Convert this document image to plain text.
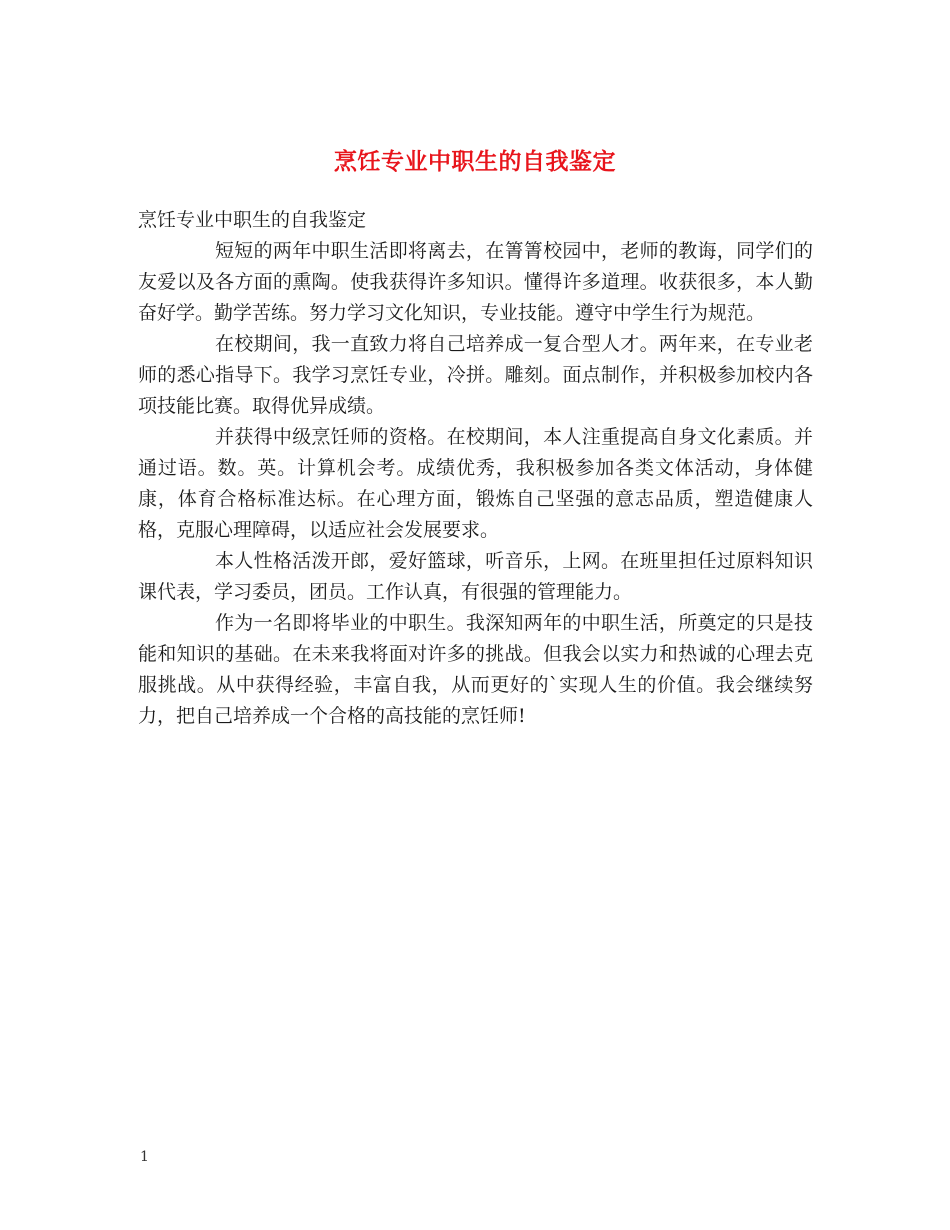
烹饪专业中职生的自我鉴定

烹饪专业中职生的自我鉴定

短短的两年中职生活即将离去，在箐箐校园中，老师的教诲，同学们的友爱以及各方面的熏陶。使我获得许多知识。懂得许多道理。收获很多，本人勤奋好学。勤学苦练。努力学习文化知识，专业技能。遵守中学生行为规范。

在校期间，我一直致力将自己培养成一复合型人才。两年来，在专业老师的悉心指导下。我学习烹饪专业，冷拼。雕刻。面点制作，并积极参加校内各项技能比赛。取得优异成绩。

并获得中级烹饪师的资格。在校期间，本人注重提高自身文化素质。并通过语。数。英。计算机会考。成绩优秀，我积极参加各类文体活动，身体健康，体育合格标准达标。在心理方面，锻炼自己坚强的意志品质，塑造健康人格，克服心理障碍，以适应社会发展要求。

本人性格活泼开郎，爱好篮球，听音乐，上网。在班里担任过原料知识课代表，学习委员，团员。工作认真，有很强的管理能力。

作为一名即将毕业的中职生。我深知两年的中职生活，所奠定的只是技能和知识的基础。在未来我将面对许多的挑战。但我会以实力和热诚的心理去克服挑战。从中获得经验，丰富自我，从而更好的`实现人生的价值。我会继续努力，把自己培养成一个合格的高技能的烹饪师!

1
